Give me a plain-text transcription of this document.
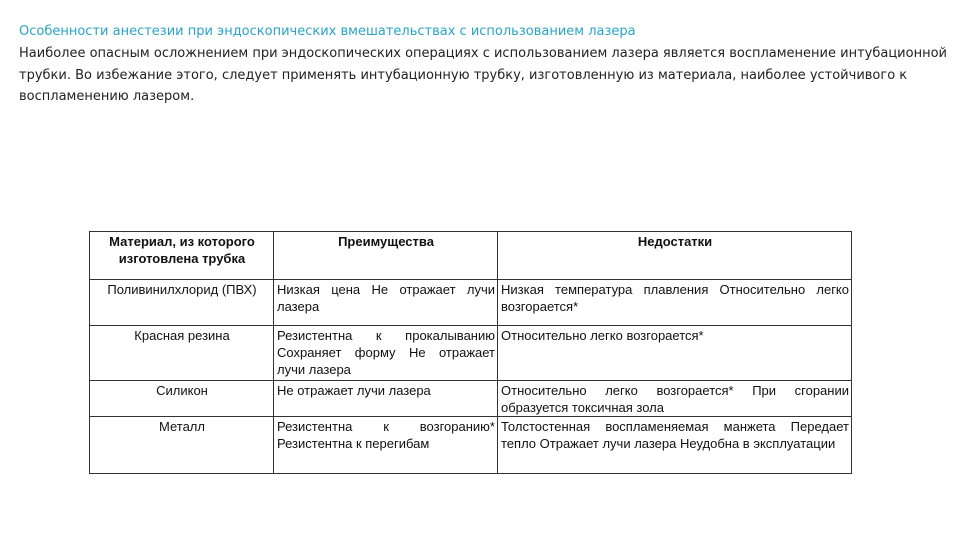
Особенности анестезии при эндоскопических вмешательствах с использованием лазера
Наиболее опасным осложнением при эндоскопических операциях с использованием лазера является воспламенение интубационной трубки. Во избежание этого, следует применять интубационную трубку, изготовленную из материала, наиболее устойчивого к воспламенению лазером.
Материал, из которого изготовлена трубка	Преимущества	Недостатки
Поливинилхлорид (ПВХ)	Низкая цена Не отражает лучи лазера	Низкая температура плавления Относительно легко возгорается*
Красная резина	Резистентна к прокалыванию Сохраняет форму Не отражает лучи лазера	Относительно легко возгорается*
Силикон	Не отражает лучи лазера	Относительно легко возгорается* При сгорании образуется токсичная зола
Металл	Резистентна к возгоранию* Резистентна к перегибам	Толстостенная воспламеняемая манжета Передает тепло Отражает лучи лазера Неудобна в эксплуатации
